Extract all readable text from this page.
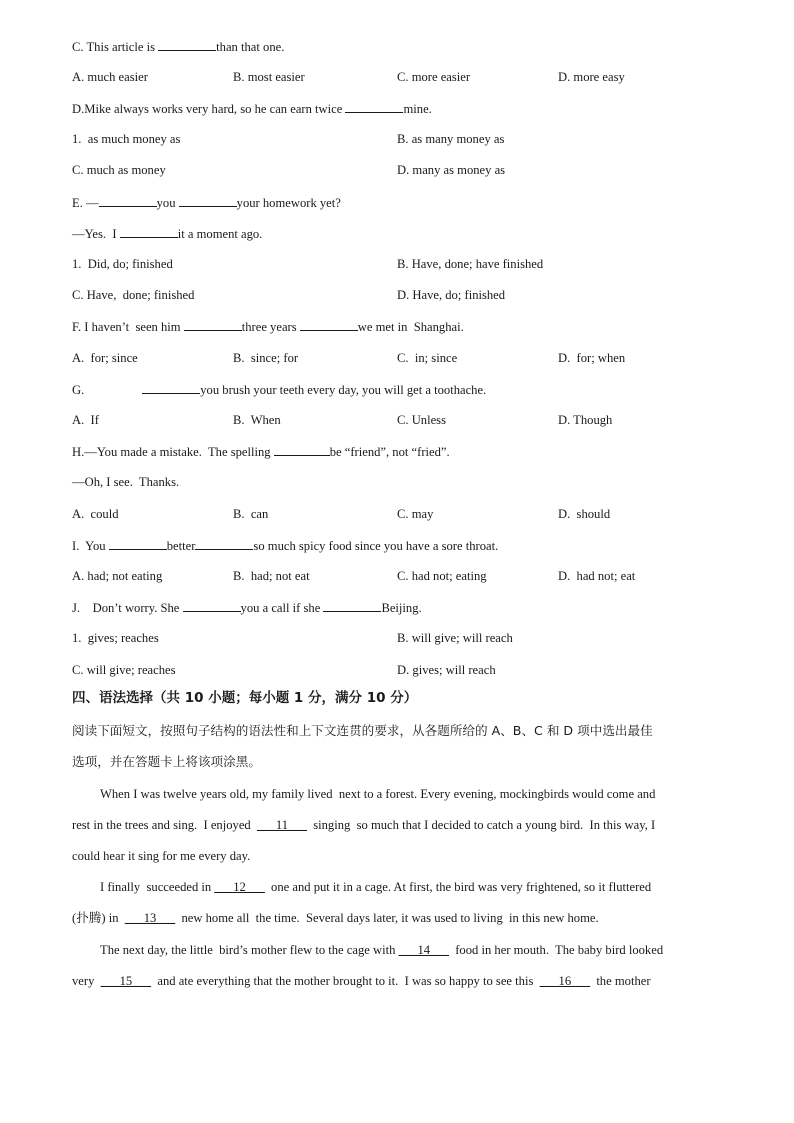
C. This article is	than that one.
A. much easier	B. most easier	C. more easier	D. more easy
D.Mike always works very hard, so he can earn twice	mine.
1.  as much money as	B. as many money as
C. much as money	D. many as money as
E. —	you	your homework yet?
—Yes.  I	it a moment ago.
1.  Did, do; finished	B. Have, done; have finished
C. Have,  done; finished	D. Have, do; finished
F. I haven’t  seen him	three years	we met in  Shanghai.
A.  for; since	B.  since; for	C.  in; since	D.  for; when
G.	you brush your teeth every day, you will get a toothache.
A.  If	B.  When	C. Unless	D. Though
H.—You made a mistake.  The spelling	be “friend”, not “fried”.
—Oh, I see.  Thanks.
A.  could	B.  can	C. may	D.  should
I.  You	better	so much spicy food since you have a sore throat.
A. had; not eating	B.  had; not eat	C. had not; eating	D.  had not; eat
J.    Don’t worry. She	you a call if she	Beijing.
1.  gives; reaches	B. will give; will reach
C. will give; reaches	D. gives; will reach
四、语法选择（共 10 小题；每小题 1 分，满分 10 分）
阅读下面短文，按照句子结构的语法性和上下文连贯的要求，从各题所给的 A、B、C 和 D 项中选出最佳
选项，并在答题卡上将该项涂黑。
When I was twelve years old, my family lived  next to a forest. Every evening, mockingbirds would come and
rest in the trees and sing.  I enjoyed  ___11___  singing  so much that I decided to catch a young bird.  In this way, I
could hear it sing for me every day.
I finally  succeeded in ___12___  one and put it in a cage. At first, the bird was very frightened, so it fluttered
(扑腾) in  ___13___  new home all  the time.  Several days later, it was used to living  in this new home.
The next day, the little  bird’s mother flew to the cage with ___14___  food in her mouth.  The baby bird looked
very  ___15___  and ate everything that the mother brought to it.  I was so happy to see this  ___16___  the mother
